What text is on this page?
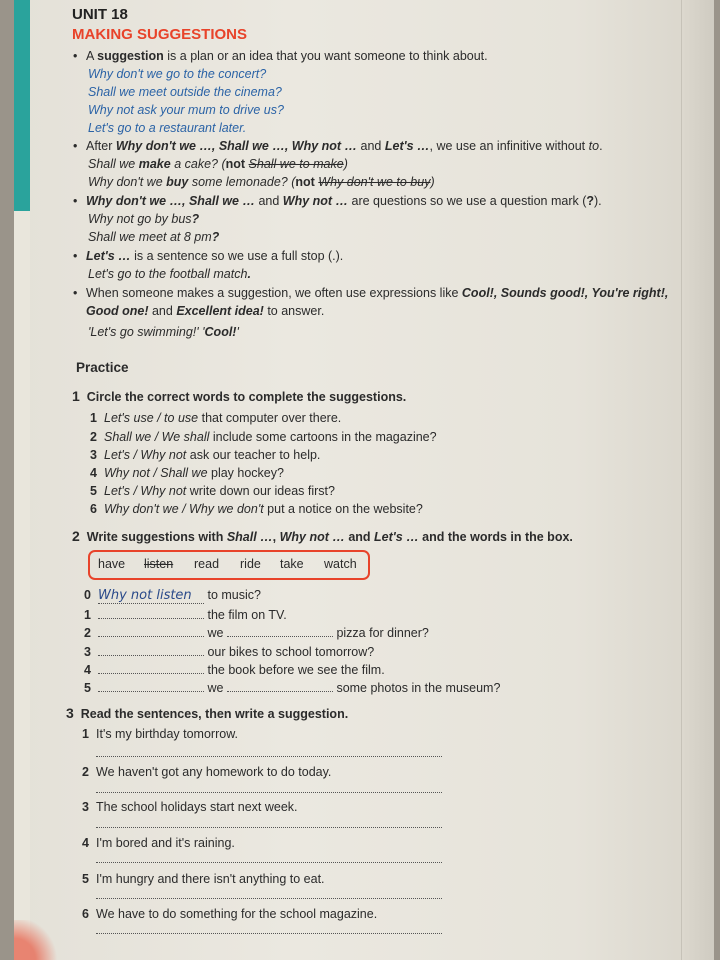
UNIT 18
MAKING SUGGESTIONS
• A suggestion is a plan or an idea that you want someone to think about.
Why don't we go to the concert?
Shall we meet outside the cinema?
Why not ask your mum to drive us?
Let's go to a restaurant later.
• After Why don't we …, Shall we …, Why not … and Let's …, we use an infinitive without to.
Shall we make a cake? (not Shall we to make)
Why don't we buy some lemonade? (not Why don't we to buy)
• Why don't we …, Shall we … and Why not … are questions so we use a question mark (?).
Why not go by bus?
Shall we meet at 8 pm?
• Let's … is a sentence so we use a full stop (.).
Let's go to the football match.
• When someone makes a suggestion, we often use expressions like Cool!, Sounds good!, You're right!,
Good one! and Excellent idea! to answer.
'Let's go swimming!' 'Cool!'
Practice
1 Circle the correct words to complete the suggestions.
1 Let's use / to use that computer over there.
2 Shall we / We shall include some cartoons in the magazine?
3 Let's / Why not ask our teacher to help.
4 Why not / Shall we play hockey?
5 Let's / Why not write down our ideas first?
6 Why don't we / Why we don't put a notice on the website?
2 Write suggestions with Shall …, Why not … and Let's … and the words in the box.
have listen read ride take watch
0 Why not listen to music?
1	the film on TV.
2	we	pizza for dinner?
3	our bikes to school tomorrow?
4	the book before we see the film.
5	we	some photos in the museum?
3 Read the sentences, then write a suggestion.
1 It's my birthday tomorrow.
2 We haven't got any homework to do today.
3 The school holidays start next week.
4 I'm bored and it's raining.
5 I'm hungry and there isn't anything to eat.
6 We have to do something for the school magazine.
